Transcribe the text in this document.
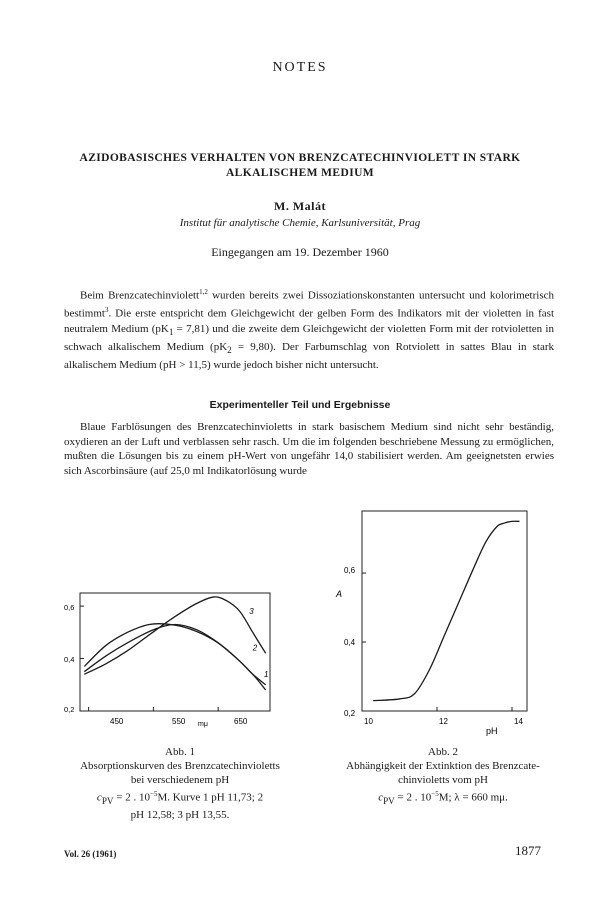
NOTES
AZIDOBASISCHES VERHALTEN VON BRENZCATECHINVIOLETT IN STARK ALKALISCHEM MEDIUM
M. Malát
Institut für analytische Chemie, Karlsuniversität, Prag
Eingegangen am 19. Dezember 1960
Beim Brenzcatechinviolett$^{1,2}$ wurden bereits zwei Dissoziationskonstanten untersucht und kolorimetrisch bestimmt$^3$. Die erste entspricht dem Gleichgewicht der gelben Form des Indikators mit der violetten in fast neutralem Medium $(pK_1 = 7,81)$ und die zweite dem Gleichgewicht der violetten Form mit der rotvioletten in schwach alkalischem Medium $(pK_2 = 9,80)$. Der Farbumschlag von Rotviolett in sattes Blau in stark alkalischem Medium (pH > 11,5) wurde jedoch bisher nicht untersucht.
Experimenteller Teil und Ergebnisse
Blaue Farblösungen des Brenzcatechinvioletts in stark basischem Medium sind nicht sehr beständig, oxydieren an der Luft und verblassen sehr rasch. Um die im folgenden beschriebene Messung zu ermöglichen, mußten die Lösungen bis zu einem pH-Wert von ungefähr 14,0 stabilisiert werden. Am geeignetsten erwies sich Ascorbinsäure (auf 25,0 ml Indikatorlösung wurde
450	550	650
mμ
0,6
0,4
0,2
1
2
3
A
0,6
0,4
0,2
10	12	14
pH
Abb. 1
Absorptionskurven des Brenzcatechinvioletts
bei verschiedenem pH
$c_{PV} = 2$ . $10^{-5}M$. Kurve 1 pH 11,73; 2
pH 12,58; 3 pH 13,55.
Abb. 2
Abhängigkeit der Extinktion des Brenzcate-
chinvioletts vom pH
$c_{PV} = 2$ . $10^{-5}M$; λ = 660 mμ.
Vol. 26 (1961)	1877
